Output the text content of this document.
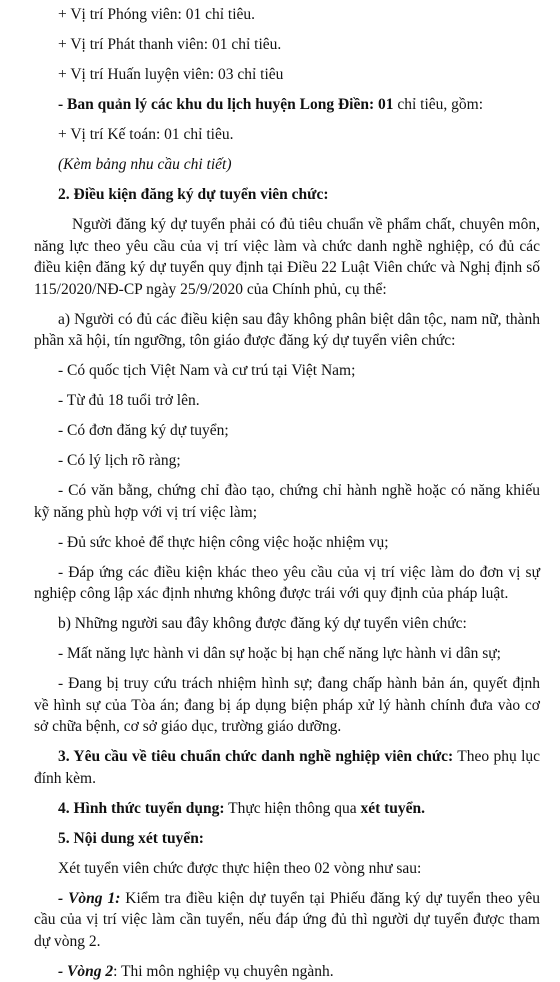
+ Vị trí Phóng viên: 01 chỉ tiêu.

+ Vị trí Phát thanh viên: 01 chỉ tiêu.

+ Vị trí Huấn luyện viên: 03 chỉ tiêu

- Ban quản lý các khu du lịch huyện Long Điền: 01 chỉ tiêu, gồm:

+ Vị trí Kế toán: 01 chỉ tiêu.

(Kèm bảng nhu cầu chi tiết)

2. Điều kiện đăng ký dự tuyển viên chức:

Người đăng ký dự tuyển phải có đủ tiêu chuẩn về phẩm chất, chuyên môn, năng lực theo yêu cầu của vị trí việc làm và chức danh nghề nghiệp, có đủ các điều kiện đăng ký dự tuyển quy định tại Điều 22 Luật Viên chức và Nghị định số 115/2020/NĐ-CP ngày 25/9/2020 của Chính phủ, cụ thể:

a) Người có đủ các điều kiện sau đây không phân biệt dân tộc, nam nữ, thành phần xã hội, tín ngưỡng, tôn giáo được đăng ký dự tuyển viên chức:

- Có quốc tịch Việt Nam và cư trú tại Việt Nam;

- Từ đủ 18 tuổi trở lên.

- Có đơn đăng ký dự tuyển;

- Có lý lịch rõ ràng;

- Có văn bằng, chứng chỉ đào tạo, chứng chỉ hành nghề hoặc có năng khiếu kỹ năng phù hợp với vị trí việc làm;

- Đủ sức khoẻ để thực hiện công việc hoặc nhiệm vụ;

- Đáp ứng các điều kiện khác theo yêu cầu của vị trí việc làm do đơn vị sự nghiệp công lập xác định nhưng không được trái với quy định của pháp luật.

b) Những người sau đây không được đăng ký dự tuyển viên chức:

- Mất năng lực hành vi dân sự hoặc bị hạn chế năng lực hành vi dân sự;

- Đang bị truy cứu trách nhiệm hình sự; đang chấp hành bản án, quyết định về hình sự của Tòa án; đang bị áp dụng biện pháp xử lý hành chính đưa vào cơ sở chữa bệnh, cơ sở giáo dục, trường giáo dưỡng.

3. Yêu cầu về tiêu chuẩn chức danh nghề nghiệp viên chức: Theo phụ lục đính kèm.

4. Hình thức tuyển dụng: Thực hiện thông qua xét tuyển.

5. Nội dung xét tuyển:

Xét tuyển viên chức được thực hiện theo 02 vòng như sau:

- Vòng 1: Kiểm tra điều kiện dự tuyển tại Phiếu đăng ký dự tuyển theo yêu cầu của vị trí việc làm cần tuyển, nếu đáp ứng đủ thì người dự tuyển được tham dự vòng 2.

- Vòng 2: Thi môn nghiệp vụ chuyên ngành.
